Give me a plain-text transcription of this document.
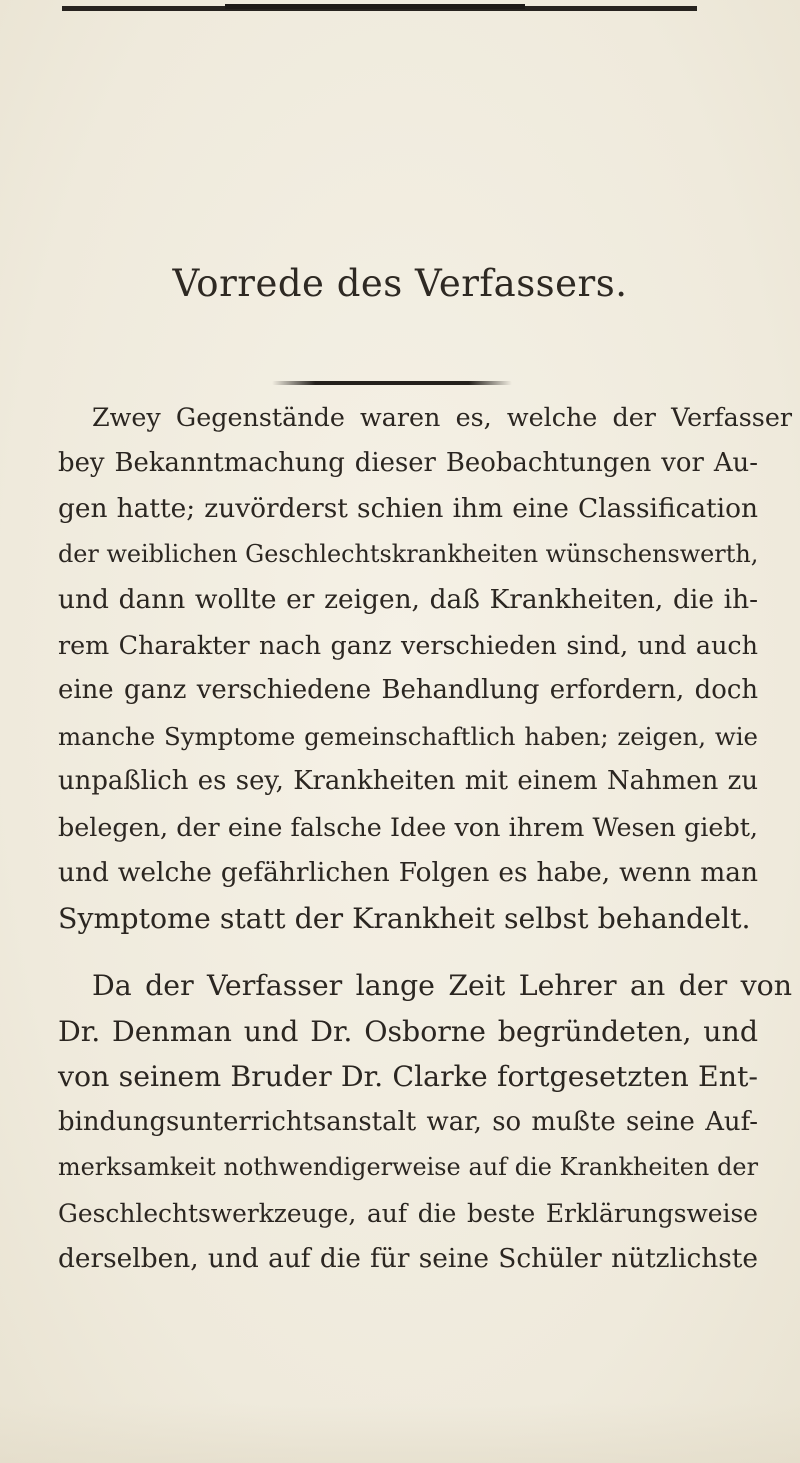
Vorrede des Verfassers.
Zwey Gegenstände waren es, welche der Verfasser
bey Bekanntmachung dieser Beobachtungen vor Au-
gen hatte; zuvörderst schien ihm eine Classification
der weiblichen Geschlechtskrankheiten wünschenswerth,
und dann wollte er zeigen, daß Krankheiten, die ih-
rem Charakter nach ganz verschieden sind, und auch
eine ganz verschiedene Behandlung erfordern, doch
manche Symptome gemeinschaftlich haben; zeigen, wie
unpaßlich es sey, Krankheiten mit einem Nahmen zu
belegen, der eine falsche Idee von ihrem Wesen giebt,
und welche gefährlichen Folgen es habe, wenn man
Symptome statt der Krankheit selbst behandelt.
Da der Verfasser lange Zeit Lehrer an der von
Dr. Denman und Dr. Osborne begründeten, und
von seinem Bruder Dr. Clarke fortgesetzten Ent-
bindungsunterrichtsanstalt war, so mußte seine Auf-
merksamkeit nothwendigerweise auf die Krankheiten der
Geschlechtswerkzeuge, auf die beste Erklärungsweise
derselben, und auf die für seine Schüler nützlichste
